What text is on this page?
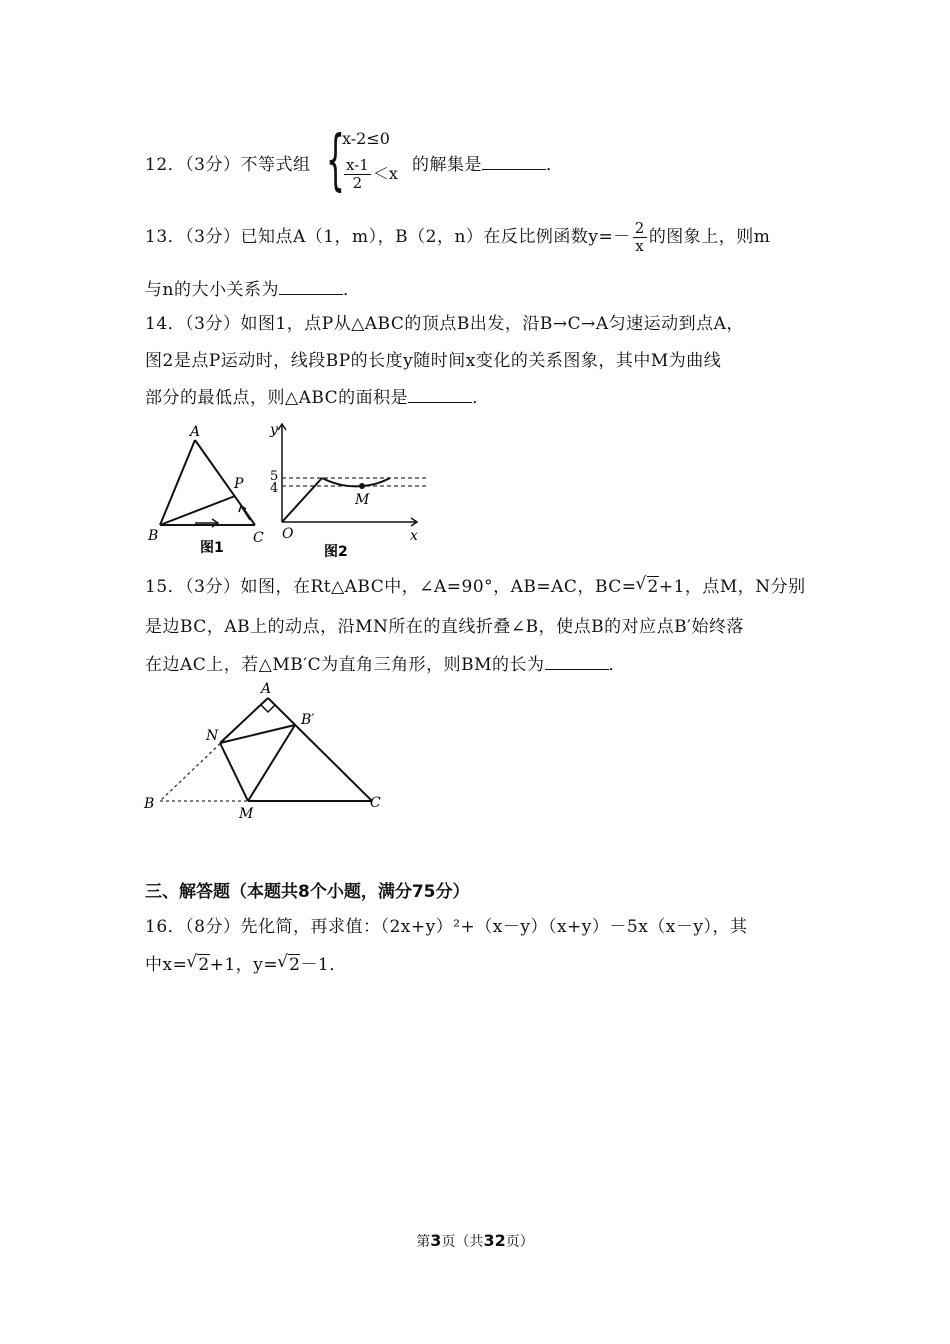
12．（3分）不等式组 {
x-2≤0
$\frac{x-1}{2} <x$ 的解集是	．
13．（3分）已知点A（1，m），B（2，n）在反比例函数$y=- \frac{2}{x}$ 的图象上，则m
与n的大小关系为	．
14．（3分）如图1，点P从△ABC的顶点B出发，沿B→C→A匀速运动到点A，
图2是点P运动时，线段BP的长度y随时间x变化的关系图象，其中M为曲线
部分的最低点，则△ABC的面积是	．
A
B	C
P
图1
y
x
O
5
4
M
图2
15．（3分）如图，在Rt△ABC中，∠A=90°，AB=AC，BC= √ 2+1，点M，N分别
是边BC，AB上的动点，沿MN所在的直线折叠∠B，使点B的对应点B′始终落
在边AC上，若△MB′C为直角三角形，则BM的长为	．
A
B′
N
B
M
C
三、解答题（本题共8个小题，满分75分）
16．（8分）先化简，再求值：（2x+y）²+（x－y）（x+y）－5x（x－y），其
中x= √ 2+1，y= √ 2－1．
第3页（共32页）
